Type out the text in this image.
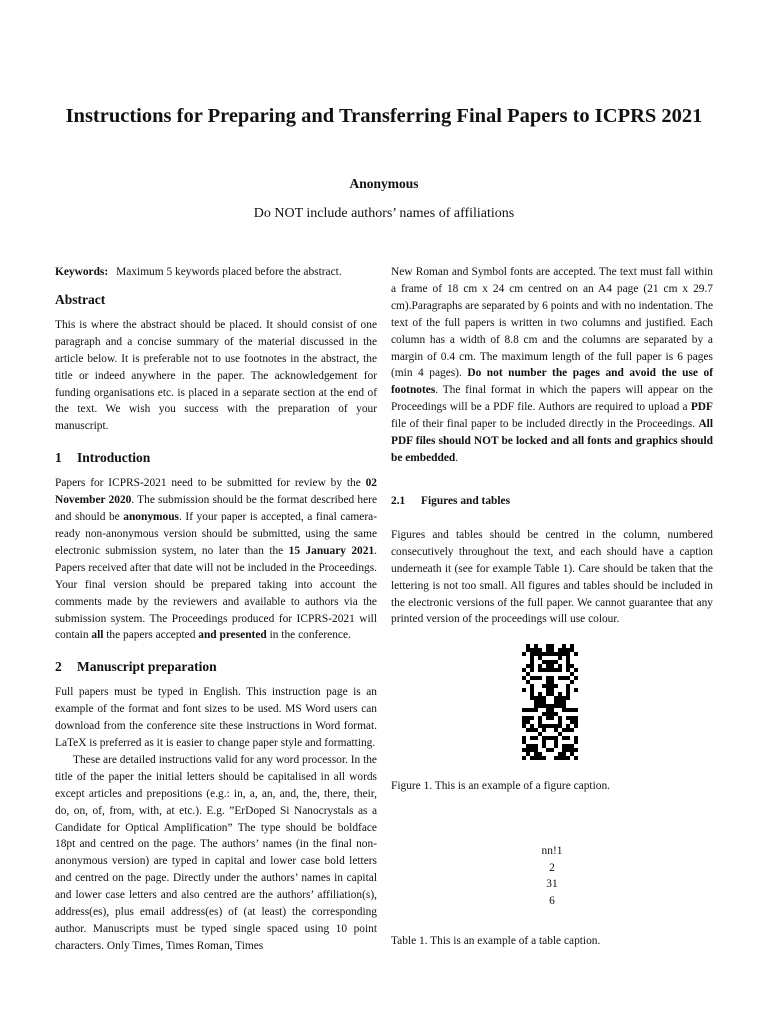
Instructions for Preparing and Transferring Final Papers to ICPRS 2021
Anonymous
Do NOT include authors’ names of affiliations

Keywords: Maximum 5 keywords placed before the abstract.

Abstract

This is where the abstract should be placed. It should consist of one paragraph and a concise summary of the material discussed in the article below. It is preferable not to use footnotes in the abstract, the title or indeed anywhere in the paper. The acknowledgement for funding organisations etc. is placed in a separate section at the end of the text. We wish you success with the preparation of your manuscript.

1 Introduction

Papers for ICPRS-2021 need to be submitted for review by the 02 November 2020. The submission should be the format described here and should be anonymous. If your paper is accepted, a final camera-ready non-anonymous version should be submitted, using the same electronic submission system, no later than the 15 January 2021. Papers received after that date will not be included in the Proceedings. Your final version should be prepared taking into account the comments made by the reviewers and available to authors via the submission system. The Proceedings produced for ICPRS-2021 will contain all the papers accepted and presented in the conference.

2 Manuscript preparation

Full papers must be typed in English. This instruction page is an example of the format and font sizes to be used. MS Word users can download from the conference site these instructions in Word format. LaTeX is preferred as it is easier to change paper style and formatting.

These are detailed instructions valid for any word processor. In the title of the paper the initial letters should be capitalised in all words except articles and prepositions (e.g.: in, a, an, and, the, there, their, do, on, of, from, with, at etc.). E.g. ”ErDoped Si Nanocrystals as a Candidate for Optical Amplification” The type should be boldface 18pt and centred on the page. The authors’ names (in the final non-anonymous version) are typed in capital and lower case bold letters and centred on the page. Directly under the authors’ names in capital and lower case letters and also centred are the authors’ affiliation(s), address(es), plus email address(es) of (at least) the corresponding author. Manuscripts must be typed single spaced using 10 point characters. Only Times, Times Roman, Times

New Roman and Symbol fonts are accepted. The text must fall within a frame of 18 cm x 24 cm centred on an A4 page (21 cm x 29.7 cm).Paragraphs are separated by 6 points and with no indentation. The text of the full papers is written in two columns and justified. Each column has a width of 8.8 cm and the columns are separated by a margin of 0.4 cm. The maximum length of the full paper is 6 pages (min 4 pages). Do not number the pages and avoid the use of footnotes. The final format in which the papers will appear on the Proceedings will be a PDF file. Authors are required to upload a PDF file of their final paper to be included directly in the Proceedings. All PDF files should NOT be locked and all fonts and graphics should be embedded.

2.1 Figures and tables

Figures and tables should be centred in the column, numbered consecutively throughout the text, and each should have a caption underneath it (see for example Table 1). Care should be taken that the lettering is not too small. All figures and tables should be included in the electronic versions of the full paper. We cannot guarantee that any printed version of the proceedings will use colour.

Figure 1. This is an example of a figure caption.

nn!1
2
31
6

Table 1. This is an example of a table caption.
